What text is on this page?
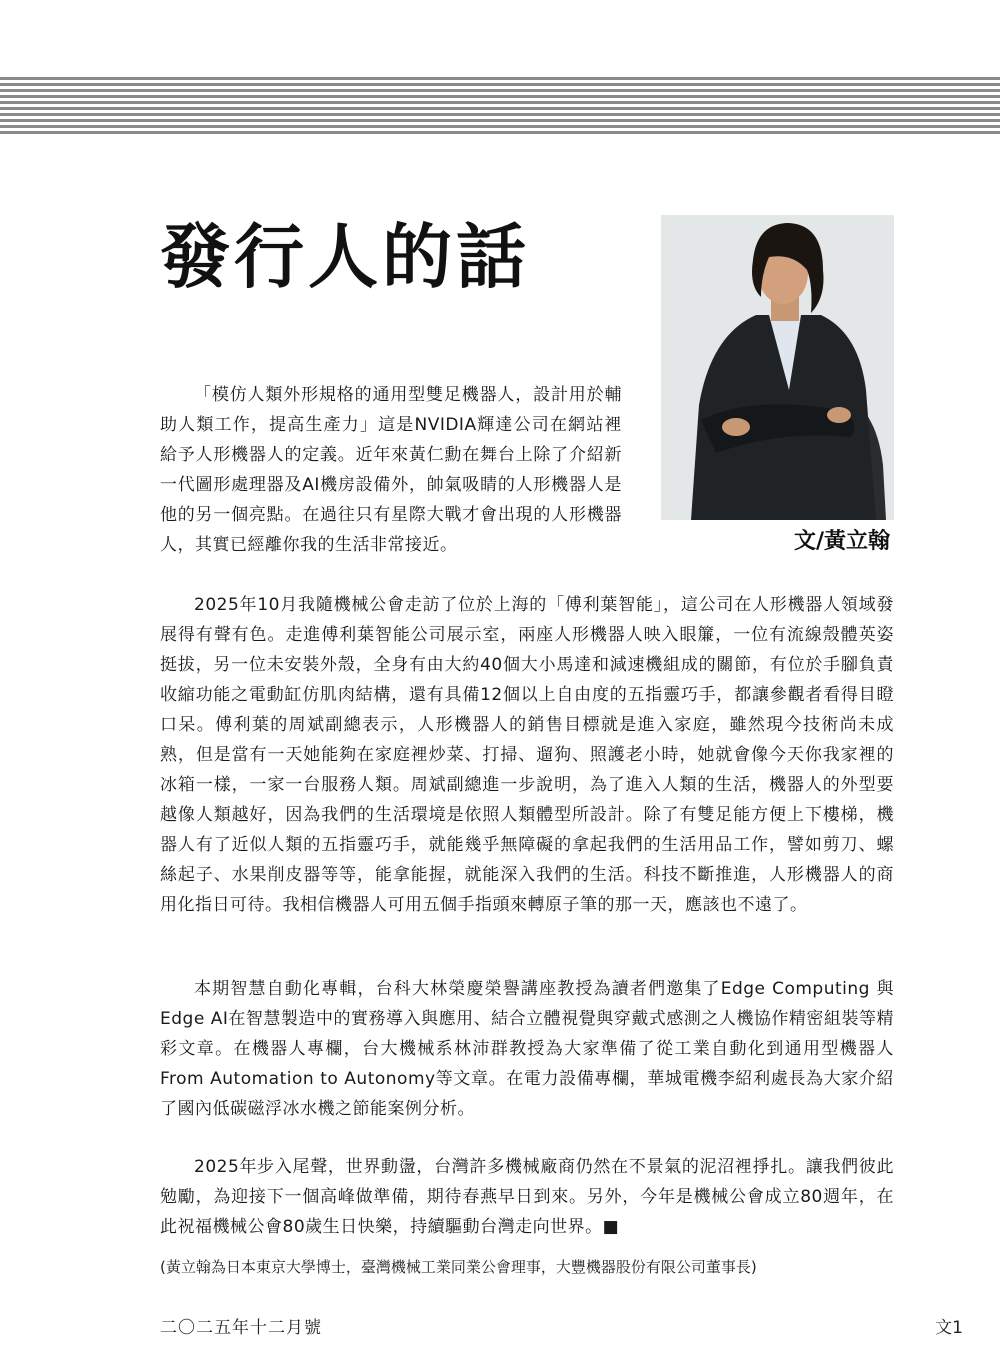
發行人的話
文/黃立翰

「模仿人類外形規格的通用型雙足機器人，設計用於輔助人類工作，提高生產力」這是NVIDIA輝達公司在網站裡給予人形機器人的定義。近年來黃仁勳在舞台上除了介紹新一代圖形處理器及AI機房設備外，帥氣吸睛的人形機器人是他的另一個亮點。在過往只有星際大戰才會出現的人形機器人，其實已經離你我的生活非常接近。

2025年10月我隨機械公會走訪了位於上海的「傅利葉智能」，這公司在人形機器人領域發展得有聲有色。走進傅利葉智能公司展示室，兩座人形機器人映入眼簾，一位有流線殼體英姿挺拔，另一位未安裝外殼，全身有由大約40個大小馬達和減速機組成的關節，有位於手腳負責收縮功能之電動缸仿肌肉結構，還有具備12個以上自由度的五指靈巧手，都讓參觀者看得目瞪口呆。傅利葉的周斌副總表示，人形機器人的銷售目標就是進入家庭，雖然現今技術尚未成熟，但是當有一天她能夠在家庭裡炒菜、打掃、遛狗、照護老小時，她就會像今天你我家裡的冰箱一樣，一家一台服務人類。周斌副總進一步說明，為了進入人類的生活，機器人的外型要越像人類越好，因為我們的生活環境是依照人類體型所設計。除了有雙足能方便上下樓梯，機器人有了近似人類的五指靈巧手，就能幾乎無障礙的拿起我們的生活用品工作，譬如剪刀、螺絲起子、水果削皮器等等，能拿能握，就能深入我們的生活。科技不斷推進，人形機器人的商用化指日可待。我相信機器人可用五個手指頭來轉原子筆的那一天，應該也不遠了。

本期智慧自動化專輯，台科大林榮慶榮譽講座教授為讀者們邀集了Edge Computing 與Edge AI在智慧製造中的實務導入與應用、結合立體視覺與穿戴式感測之人機協作精密組裝等精彩文章。在機器人專欄，台大機械系林沛群教授為大家準備了從工業自動化到通用型機器人From Automation to Autonomy等文章。在電力設備專欄，華城電機李紹利處長為大家介紹了國內低碳磁浮冰水機之節能案例分析。

2025年步入尾聲，世界動盪，台灣許多機械廠商仍然在不景氣的泥沼裡掙扎。讓我們彼此勉勵，為迎接下一個高峰做準備，期待春燕早日到來。另外，今年是機械公會成立80週年，在此祝福機械公會80歲生日快樂，持續驅動台灣走向世界。■

(黃立翰為日本東京大學博士，臺灣機械工業同業公會理事，大豐機器股份有限公司董事長)

二〇二五年十二月號	文1
